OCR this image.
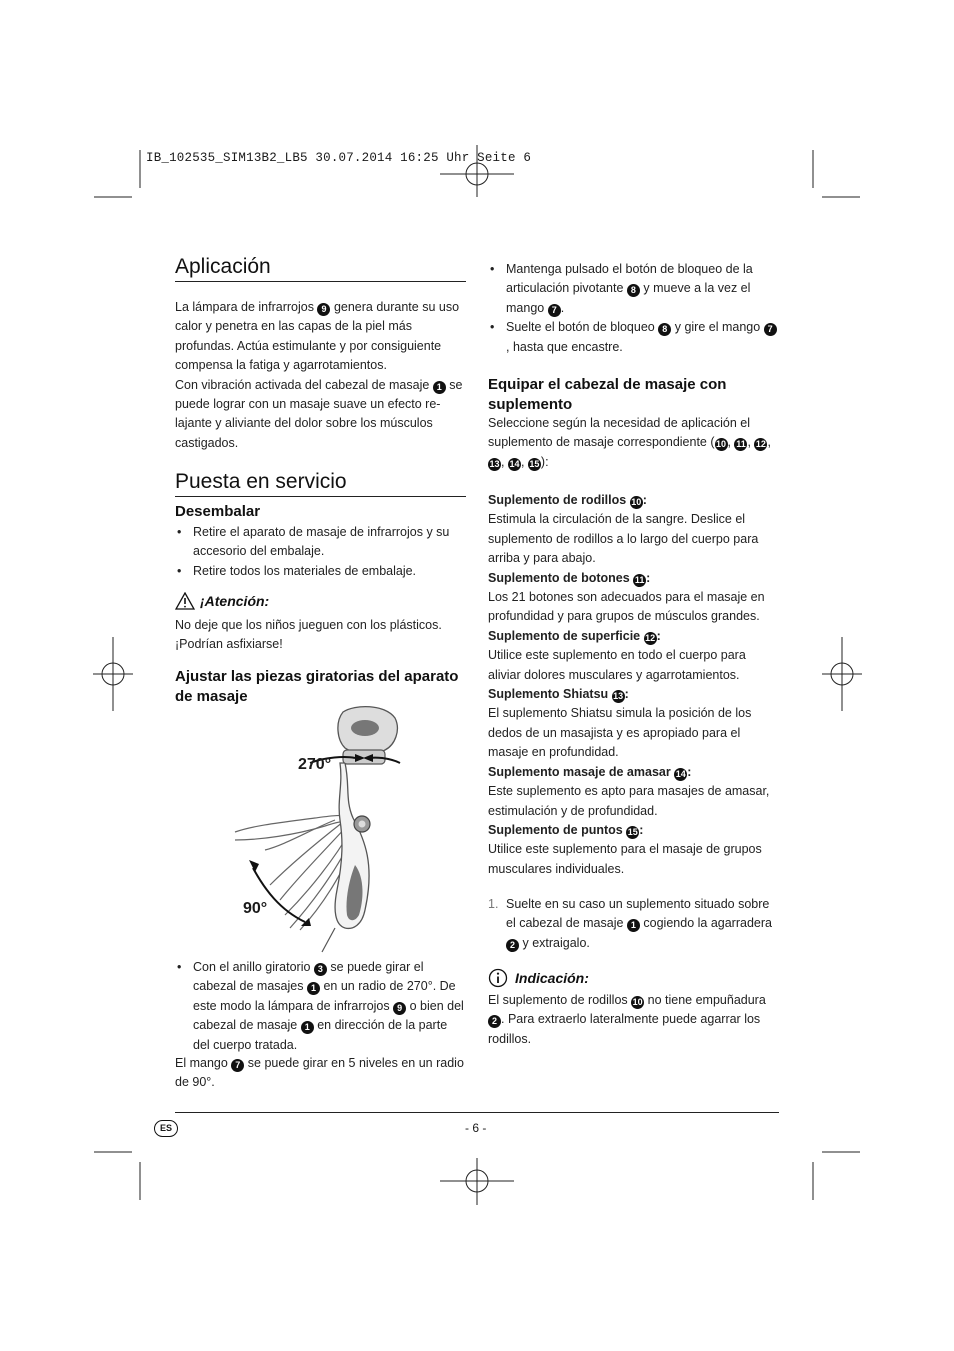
IB_102535_SIM13B2_LB5 30.07.2014 16:25 Uhr Seite 6
Aplicación

La lámpara de infrarrojos 9 genera durante su uso calor y penetra en las capas de la piel más profundas. Actúa estimulante y por consiguiente compensa la fatiga y agarrotamientos.

Con vibración activada del cabezal de masaje 1 se puede lograr con un masaje suave un efecto re-lajante y aliviante del dolor sobre los músculos castigados.

Puesta en servicio
Desembalar
• Retire el aparato de masaje de infrarrojos y su accesorio del embalaje.
• Retire todos los materiales de embalaje.
¡Atención:
No deje que los niños jueguen con los plásticos. ¡Podrían asfixiarse!
Ajustar las piezas giratorias del aparato de masaje
270°
90°
• Con el anillo giratorio 3 se puede girar el cabezal de masajes 1 en un radio de 270°. De este modo la lámpara de infrarrojos 9 o bien del cabezal de masaje 1 en dirección de la parte del cuerpo tratada.
El mango 7 se puede girar en 5 niveles en un radio de 90°.
• Mantenga pulsado el botón de bloqueo de la articulación pivotante 8 y mueve a la vez el mango 7 .
• Suelte el botón de bloqueo 8 y gire el mango 7, hasta que encastre.
Equipar el cabezal de masaje con suplemento
Seleccione según la necesidad de aplicación el suplemento de masaje correspondiente (10 , 11 , 12 , 13 , 14 , 15 ):

Suplemento de rodillos 10 :

Estimula la circulación de la sangre. Deslice el suplemento de rodillos a lo largo del cuerpo para arriba y para abajo.

Suplemento de botones 11 :

Los 21 botones son adecuados para el masaje en profundidad y para grupos de músculos grandes.

Suplemento de superficie 12 :

Utilice este suplemento en todo el cuerpo para aliviar dolores musculares y agarrotamientos.

Suplemento Shiatsu 13 :

El suplemento Shiatsu simula la posición de los dedos de un masajista y es apropiado para el masaje en profundidad.

Suplemento masaje de amasar 14 :

Este suplemento es apto para masajes de amasar, estimulación y de profundidad.

Suplemento de puntos 15 :

Utilice este suplemento para el masaje de grupos musculares individuales.

1. Suelte en su caso un suplemento situado sobre el cabezal de masaje 1 cogiendo la agarradera 2 y extraigalo.
Indicación:
El suplemento de rodillos 10 no tiene empuñadura 2 . Para extraerlo lateralmente puede agarrar los rodillos.
ES	- 6 -
